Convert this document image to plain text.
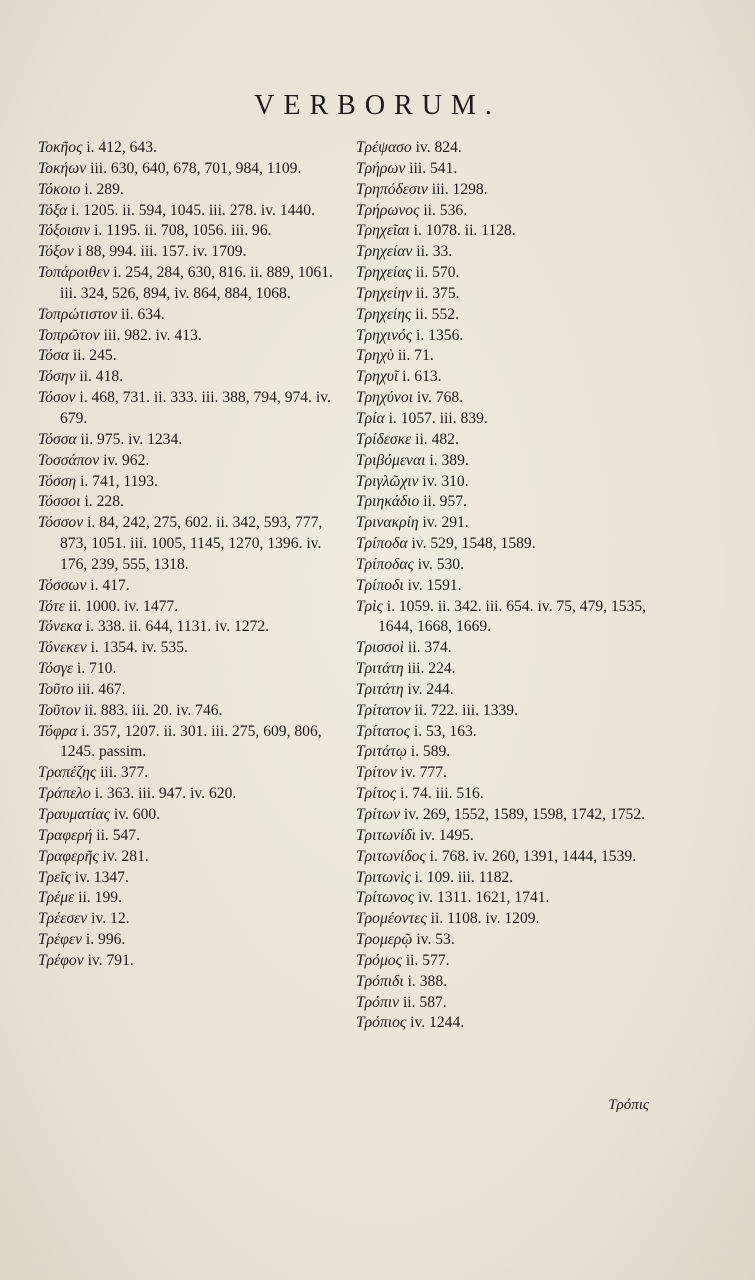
VERBORUM.
Τοκῆος i. 412, 643.
Τοκήων iii. 630, 640, 678, 701, 984, 1109.
Τόκοιο i. 289.
Τόξα i. 1205. ii. 594, 1045. iii. 278. iv. 1440.
Τόξοισιν i. 1195. ii. 708, 1056. iii. 96.
Τόξον i 88, 994. iii. 157. iv. 1709.
Τοπάροιθεν i. 254, 284, 630, 816. ii. 889, 1061. iii. 324, 526, 894, iv. 864, 884, 1068.
Τοπρώτιστον ii. 634.
Τοπρῶτον iii. 982. iv. 413.
Τόσα ii. 245.
Τόσην ii. 418.
Τόσον i. 468, 731. ii. 333. iii. 388, 794, 974. iv. 679.
Τόσσα ii. 975. iv. 1234.
Τοσσάπον iv. 962.
Τόσση i. 741, 1193.
Τόσσοι i. 228.
Τόσσον i. 84, 242, 275, 602. ii. 342, 593, 777, 873, 1051. iii. 1005, 1145, 1270, 1396. iv. 176, 239, 555, 1318.
Τόσσων i. 417.
Τότε ii. 1000. iv. 1477.
Τόνεκα i. 338. ii. 644, 1131. iv. 1272.
Τόνεκεν i. 1354. iv. 535.
Τόσγε i. 710.
Τοῦτο iii. 467.
Τοῦτον ii. 883. iii. 20. iv. 746.
Τόφρα i. 357, 1207. ii. 301. iii. 275, 609, 806, 1245. passim.
Τραπέζης iii. 377.
Τράπελο i. 363. iii. 947. iv. 620.
Τραυματίας iv. 600.
Τραφερή ii. 547.
Τραφερῆς iv. 281.
Τρεῖς iv. 1347.
Τρέμε ii. 199.
Τρέεσεν iv. 12.
Τρέφεν i. 996.
Τρέφον iv. 791.
Τρέψασο iv. 824.
Τρήρων iii. 541.
Τρηπόδεσιν iii. 1298.
Τρήρωνος ii. 536.
Τρηχεῖαι i. 1078. ii. 1128.
Τρηχείαν ii. 33.
Τρηχείας ii. 570.
Τρηχείην ii. 375.
Τρηχείης ii. 552.
Τρηχινός i. 1356.
Τρηχὺ ii. 71.
Τρηχυῖ i. 613.
Τρηχύνοι iv. 768.
Τρία i. 1057. iii. 839.
Τρίδεσκε ii. 482.
Τριβόμεναι i. 389.
Τριγλῶχιν iv. 310.
Τριηκάδιο ii. 957.
Τρινακρίη iv. 291.
Τρίποδα iv. 529, 1548, 1589.
Τρίποδας iv. 530.
Τρίποδι iv. 1591.
Τρὶς i. 1059. ii. 342. iii. 654. iv. 75, 479, 1535, 1644, 1668, 1669.
Τρισσοὶ ii. 374.
Τριτάτη iii. 224.
Τριτάτη iv. 244.
Τρίτατον ii. 722. iii. 1339.
Τρίτατος i. 53, 163.
Τριτάτῳ i. 589.
Τρίτον iv. 777.
Τρίτος i. 74. iii. 516.
Τρίτων iv. 269, 1552, 1589, 1598, 1742, 1752.
Τριτωνίδι iv. 1495.
Τριτωνίδος i. 768. iv. 260, 1391, 1444, 1539.
Τριτωνὶς i. 109. iii. 1182.
Τρίτωνος iv. 1311. 1621, 1741.
Τρομέοντες ii. 1108. iv. 1209.
Τρομερῷ iv. 53.
Τρόμος ii. 577.
Τρόπιδι i. 388.
Τρόπιν ii. 587.
Τρόπιος iv. 1244.
Τρόπις
